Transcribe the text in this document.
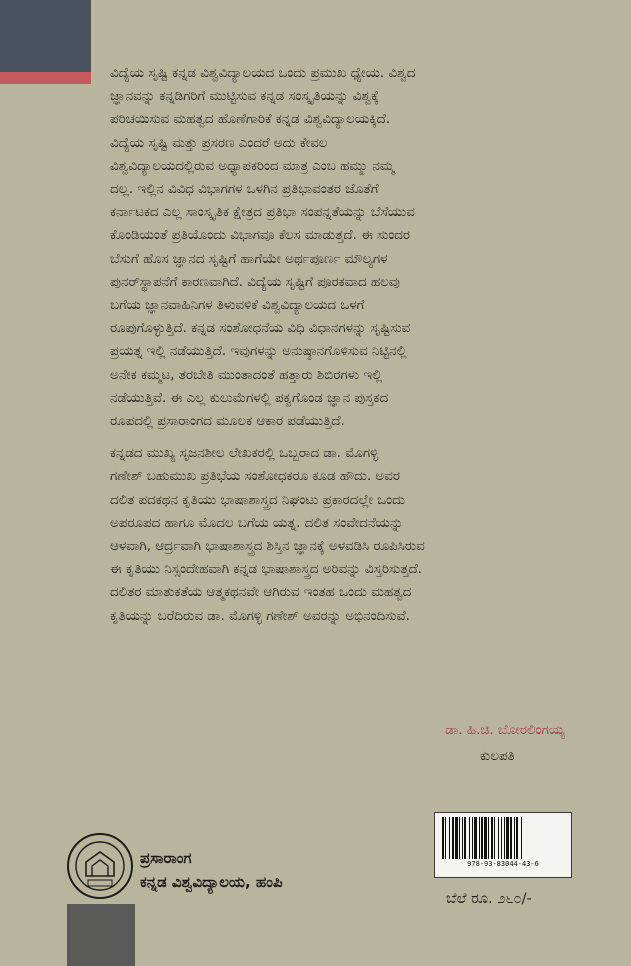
ವಿದ್ಯೆಯ ಸೃಷ್ಟಿ ಕನ್ನಡ ವಿಶ್ವವಿದ್ಯಾಲಯದ ಒಂದು ಪ್ರಮುಖ ಧ್ಯೇಯ. ವಿಶ್ವದ
ಜ್ಞಾನವನ್ನು ಕನ್ನಡಿಗರಿಗೆ ಮುಟ್ಟಿಸುವ ಕನ್ನಡ ಸಂಸ್ಕೃತಿಯನ್ನು ವಿಶ್ವಕ್ಕೆ
ಪರಿಚಯಿಸುವ ಮಹತ್ವದ ಹೊಣೆಗಾರಿಕೆ ಕನ್ನಡ ವಿಶ್ವವಿದ್ಯಾಲಯಕ್ಕಿದೆ.
ವಿದ್ಯೆಯ ಸೃಷ್ಟಿ ಮತ್ತು ಪ್ರಸರಣ ಎಂದರೆ ಅದು ಕೇವಲ
ವಿಶ್ವವಿದ್ಯಾಲಯದಲ್ಲಿರುವ ಅಧ್ಯಾಪಕರಿಂದ ಮಾತ್ರ ಎಂಬ ಹಮ್ಮು ನಮ್ಮ
ದಲ್ಲ. ಇಲ್ಲಿನ ವಿವಿಧ ವಿಭಾಗಗಳ ಒಳಗಿನ ಪ್ರತಿಭಾವಂತರ ಜೊತೆಗೆ
ಕರ್ನಾಟಕದ ಎಲ್ಲ ಸಾಂಸ್ಕೃತಿಕ ಕ್ಷೇತ್ರದ ಪ್ರತಿಭಾ ಸಂಪನ್ನತೆಯನ್ನು ಬೆಸೆಯುವ
ಕೊಂಡಿಯಂತೆ ಪ್ರತಿಯೊಂದು ವಿಭಾಗವೂ ಕೆಲಸ ಮಾಡುತ್ತದೆ. ಈ ಸುಂದರ
ಬೆಸುಗೆ ಹೊಸ ಜ್ಞಾನದ ಸೃಷ್ಟಿಗೆ ಹಾಗೆಯೇ ಅರ್ಥಪೂರ್ಣ ಮೌಲ್ಯಗಳ
ಪುನರ್‌ಸ್ಥಾಪನೆಗೆ ಕಾರಣವಾಗಿದೆ. ವಿದ್ಯೆಯ ಸೃಷ್ಟಿಗೆ ಪೂರಕವಾದ ಹಲವು
ಬಗೆಯ ಜ್ಞಾನವಾಹಿನಿಗಳ ತಿಳುವಳಿಕೆ ವಿಶ್ವವಿದ್ಯಾಲಯದ ಒಳಗೆ
ರೂಪುಗೊಳ್ಳುತ್ತಿದೆ. ಕನ್ನಡ ಸಂಶೋಧನೆಯ ವಿಧಿ ವಿಧಾನಗಳನ್ನು ಸೃಷ್ಟಿಸುವ
ಪ್ರಯತ್ನ ಇಲ್ಲಿ ನಡೆಯುತ್ತಿದೆ. ಇವುಗಳನ್ನು ಅನುಷ್ಠಾನಗೊಳಿಸುವ ನಿಟ್ಟಿನಲ್ಲಿ
ಅನೇಕ ಕಮ್ಮಟ, ತರಬೇತಿ ಮುಂತಾದಂತೆ ಹತ್ತಾರು ಶಿಬಿರಗಳು ಇಲ್ಲಿ
ನಡೆಯುತ್ತಿವೆ. ಈ ಎಲ್ಲ ಕುಲುಮೆಗಳಲ್ಲಿ ಪಕ್ವಗೊಂಡ ಜ್ಞಾನ ಪುಸ್ತಕದ
ರೂಪದಲ್ಲಿ ಪ್ರಸಾರಾಂಗದ ಮೂಲಕ ಆಕಾರ ಪಡೆಯುತ್ತಿದೆ.

ಕನ್ನಡದ ಮುಖ್ಯ ಸೃಜನಶೀಲ ಲೇಖಕರಲ್ಲಿ ಒಬ್ಬರಾದ ಡಾ. ಮೊಗಳ್ಳಿ
ಗಣೇಶ್ ಬಹುಮುಖ ಪ್ರತಿಭೆಯ ಸಂಶೋಧಕರೂ ಕೂಡ ಹೌದು. ಅವರ
ದಲಿತ ಪದಕಥನ ಕೃತಿಯು ಭಾಷಾಶಾಸ್ತ್ರದ ನಿಘಂಟು ಪ್ರಕಾರದಲ್ಲೇ ಒಂದು
ಅಪರೂಪದ ಹಾಗೂ ಮೊದಲ ಬಗೆಯ ಯತ್ನ. ದಲಿತ ಸಂವೇದನೆಯನ್ನು
ಆಳವಾಗಿ, ಆರ್ದ್ರವಾಗಿ ಭಾಷಾಶಾಸ್ತ್ರದ ಶಿಸ್ತಿನ ಜ್ಞಾನಕ್ಕೆ ಅಳವಡಿಸಿ ರೂಪಿಸಿರುವ
ಈ ಕೃತಿಯು ನಿಸ್ಸಂದೇಹವಾಗಿ ಕನ್ನಡ ಭಾಷಾಶಾಸ್ತ್ರದ ಅರಿವನ್ನು ವಿಸ್ತರಿಸುತ್ತದೆ.
ದಲಿತರ ಮಾತುಕತೆಯ ಆತ್ಮಕಥನವೇ ಆಗಿರುವ ಇಂತಹ ಒಂದು ಮಹತ್ವದ
ಕೃತಿಯನ್ನು ಬರೆದಿರುವ ಡಾ. ಮೊಗಳ್ಳಿ ಗಣೇಶ್ ಅವರನ್ನು ಅಭಿನಂದಿಸುವೆ.

ಡಾ. ಹಿ.ಚಿ. ಬೋರಲಿಂಗಯ್ಯ
ಕುಲಪತಿ
ಪ್ರಸಾರಾಂಗ
ಕನ್ನಡ ವಿಶ್ವವಿದ್ಯಾಲಯ, ಹಂಪಿ
978-93-83044-43-6
ಬೆಲೆ ರೂ. ೨೬೦/-
